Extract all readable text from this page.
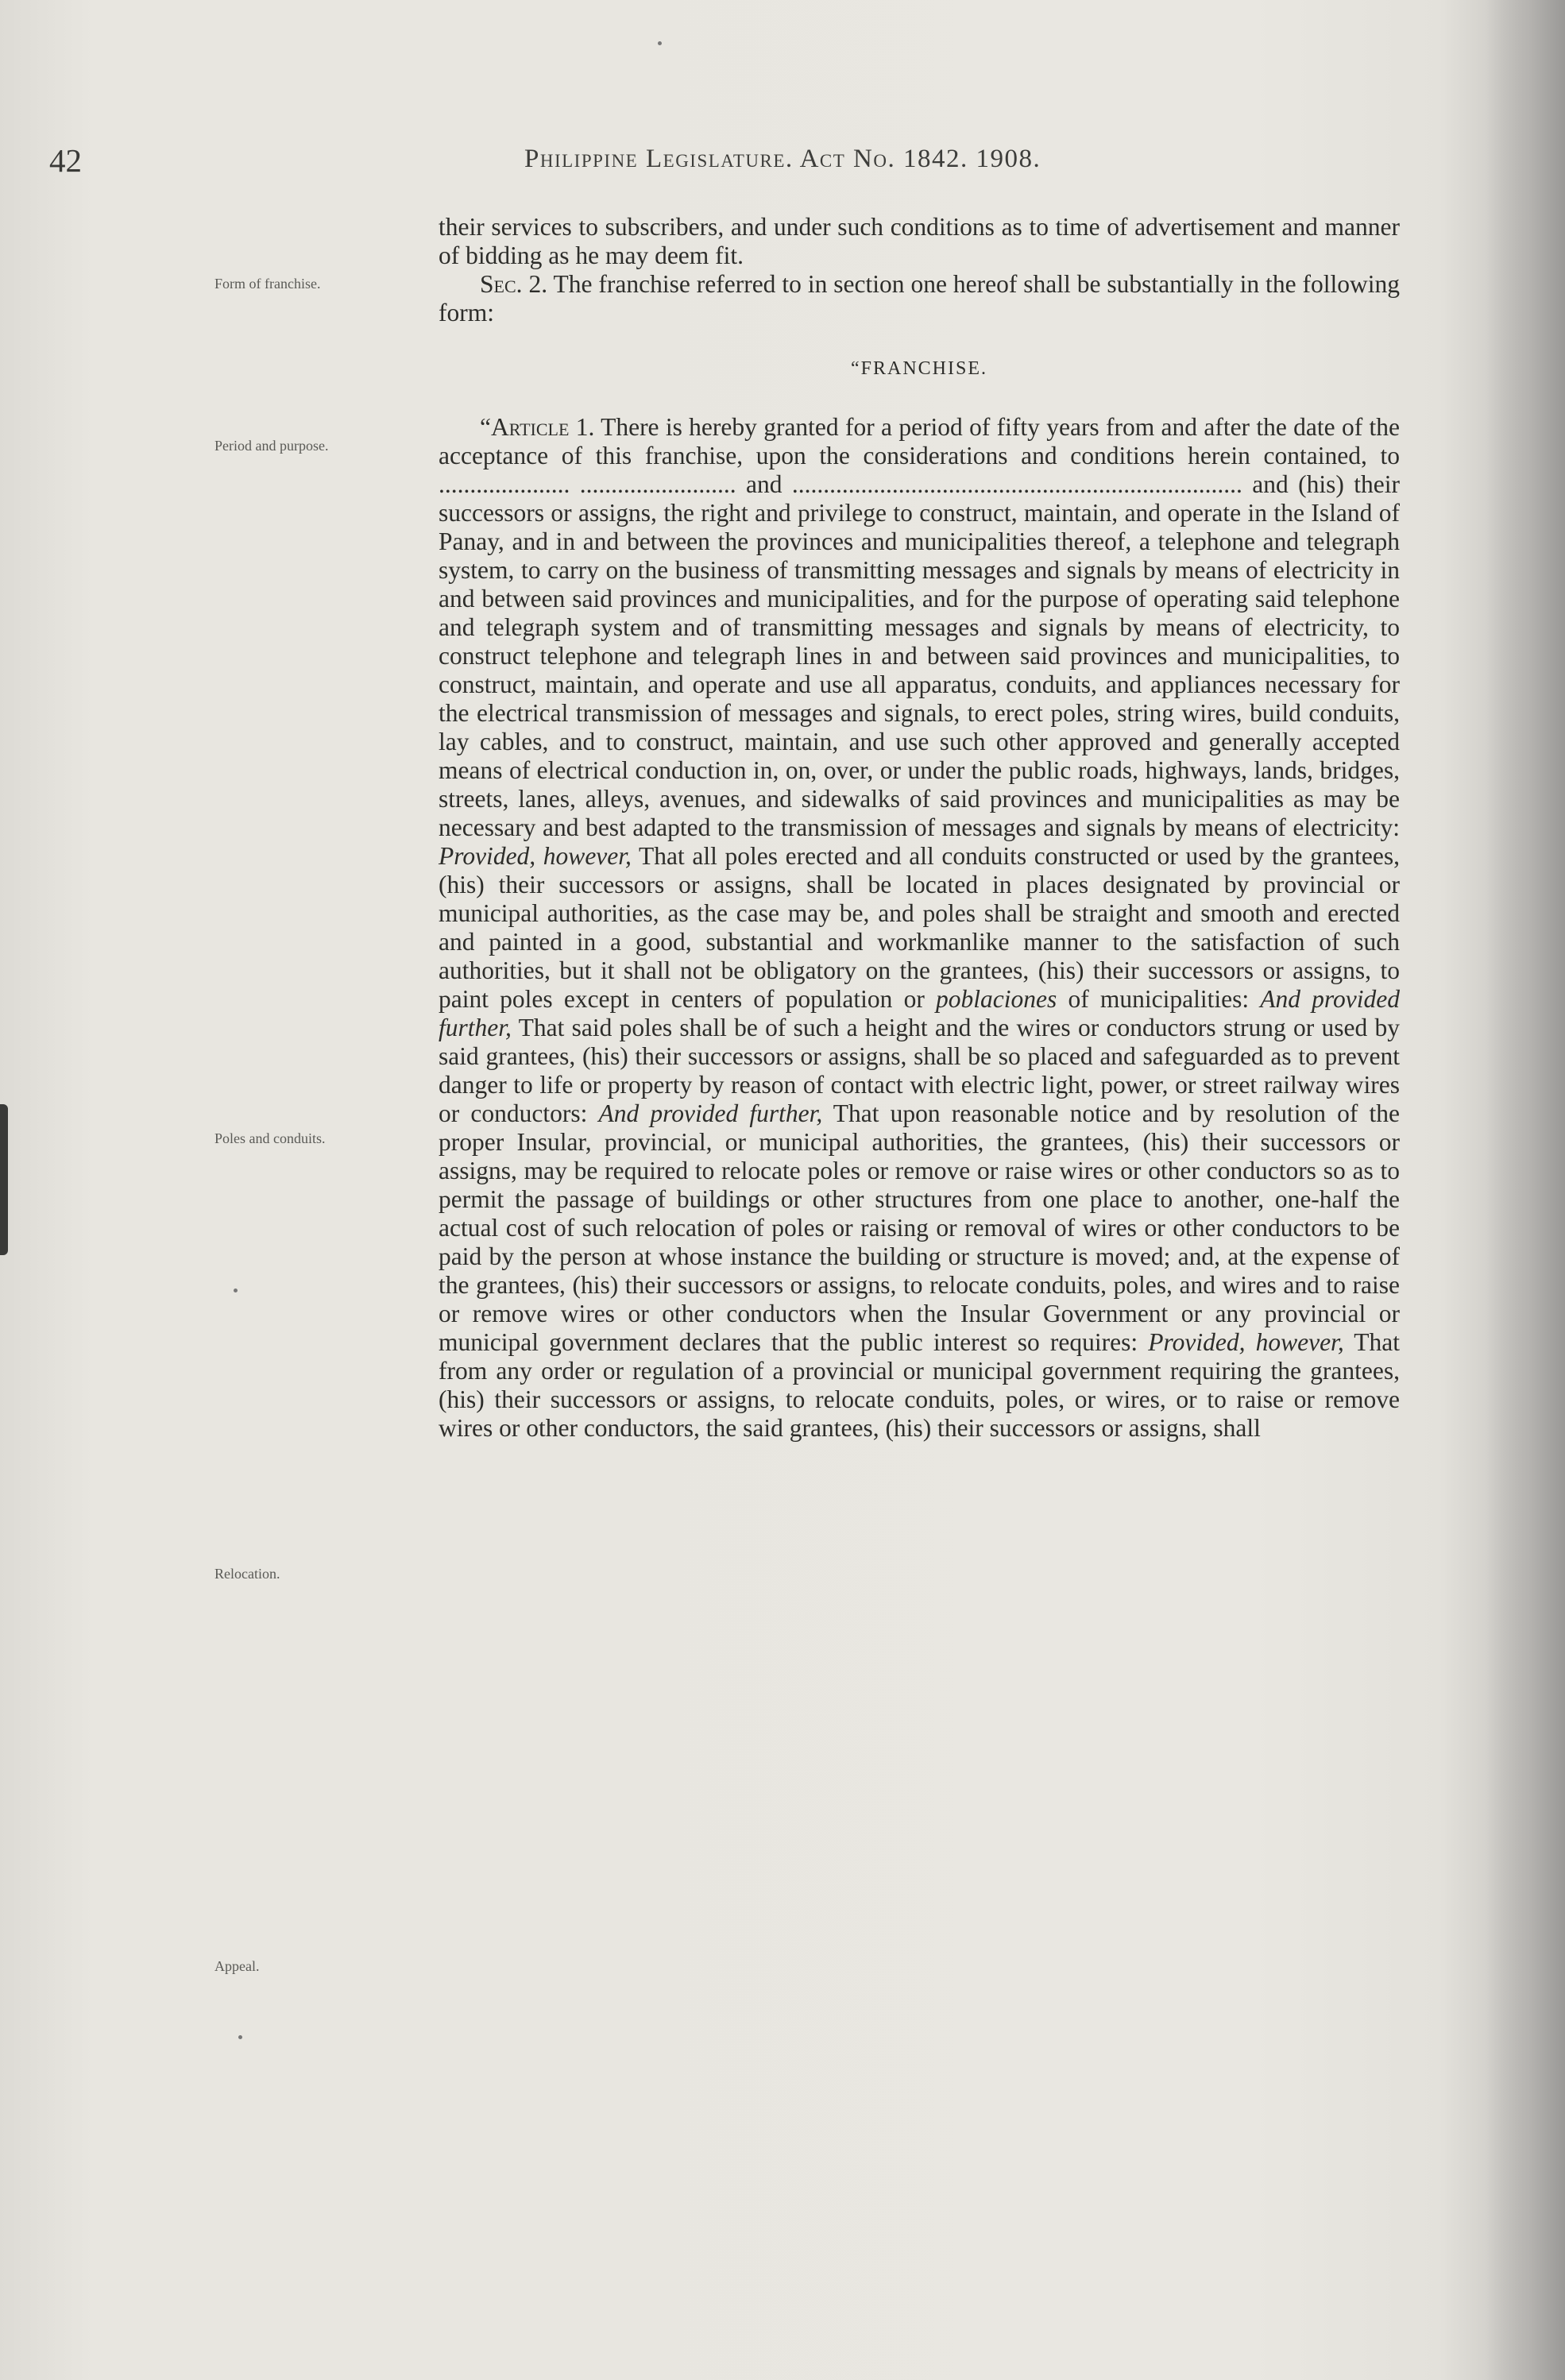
42	Philippine Legislature. Act No. 1842. 1908.
Form of franchise.
Period and purpose.
Poles and conduits.
Relocation.
Appeal.

their services to subscribers, and under such conditions as to time of advertisement and manner of bidding as he may deem fit.

Sec. 2. The franchise referred to in section one hereof shall be substantially in the following form:

“FRANCHISE.

“Article 1. There is hereby granted for a period of fifty years from and after the date of the acceptance of this franchise, upon the considerations and conditions herein contained, to ..................... ......................... and ........................................................................ and (his) their successors or assigns, the right and privilege to construct, maintain, and operate in the Island of Panay, and in and between the provinces and municipalities thereof, a telephone and telegraph system, to carry on the business of transmitting messages and signals by means of electricity in and between said provinces and municipalities, and for the purpose of operating said telephone and telegraph system and of transmitting messages and signals by means of electricity, to construct telephone and telegraph lines in and between said provinces and municipalities, to construct, maintain, and operate and use all apparatus, conduits, and appliances necessary for the electrical transmission of messages and signals, to erect poles, string wires, build conduits, lay cables, and to construct, maintain, and use such other approved and generally accepted means of electrical conduction in, on, over, or under the public roads, highways, lands, bridges, streets, lanes, alleys, avenues, and sidewalks of said provinces and municipalities as may be necessary and best adapted to the transmission of messages and signals by means of electricity: Provided, however, That all poles erected and all conduits constructed or used by the grantees, (his) their successors or assigns, shall be located in places designated by provincial or municipal authorities, as the case may be, and poles shall be straight and smooth and erected and painted in a good, substantial and workmanlike manner to the satisfaction of such authorities, but it shall not be obligatory on the grantees, (his) their successors or assigns, to paint poles except in centers of population or poblaciones of municipalities: And provided further, That said poles shall be of such a height and the wires or conductors strung or used by said grantees, (his) their successors or assigns, shall be so placed and safeguarded as to prevent danger to life or property by reason of contact with electric light, power, or street railway wires or conductors: And provided further, That upon reasonable notice and by resolution of the proper Insular, provincial, or municipal authorities, the grantees, (his) their successors or assigns, may be required to relocate poles or remove or raise wires or other conductors so as to permit the passage of buildings or other structures from one place to another, one-half the actual cost of such relocation of poles or raising or removal of wires or other conductors to be paid by the person at whose instance the building or structure is moved; and, at the expense of the grantees, (his) their successors or assigns, to relocate conduits, poles, and wires and to raise or remove wires or other conductors when the Insular Government or any provincial or municipal government declares that the public interest so requires: Provided, however, That from any order or regulation of a provincial or municipal government requiring the grantees, (his) their successors or assigns, to relocate conduits, poles, or wires, or to raise or remove wires or other conductors, the said grantees, (his) their successors or assigns, shall
